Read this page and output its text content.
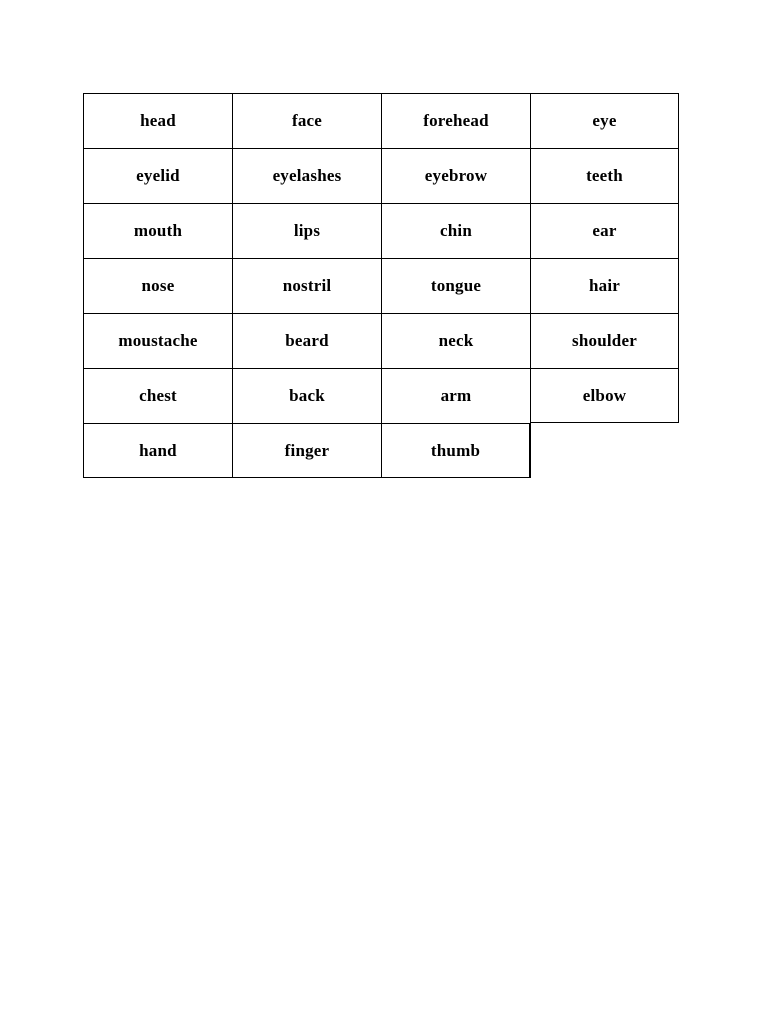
head	face	forehead	eye
eyelid	eyelashes	eyebrow	teeth
mouth	lips	chin	ear
nose	nostril	tongue	hair
moustache	beard	neck	shoulder
chest	back	arm	elbow
hand	finger	thumb
